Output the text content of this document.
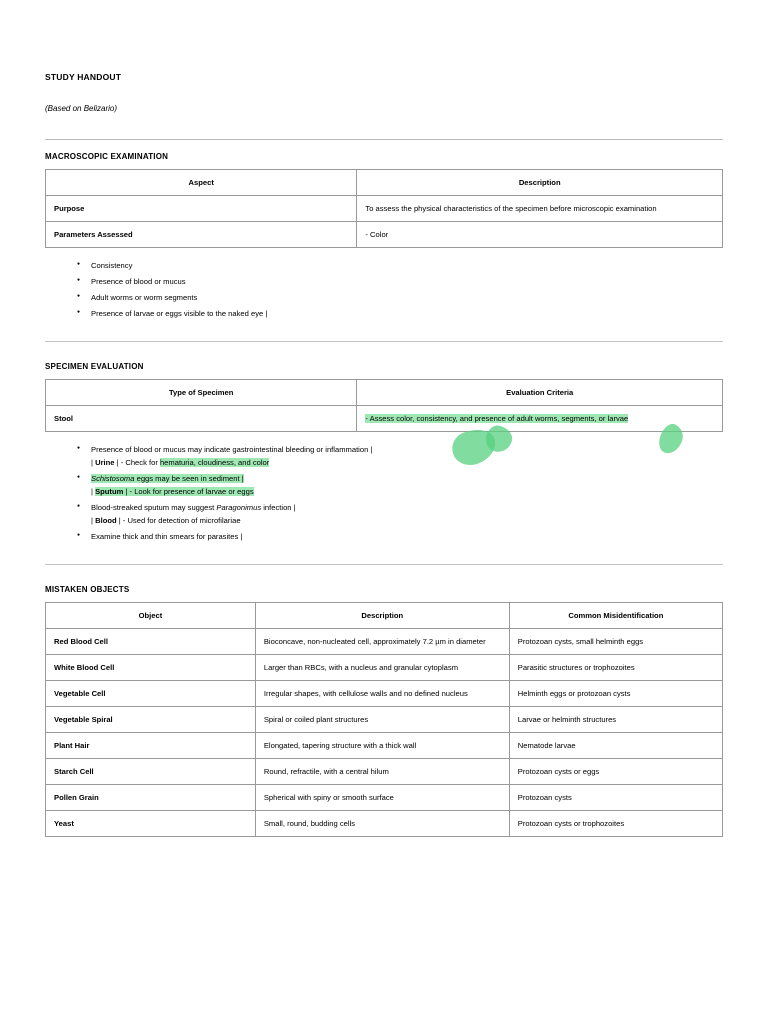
STUDY HANDOUT
(Based on Belizario)
MACROSCOPIC EXAMINATION
Aspect	Description
Purpose	To assess the physical characteristics of the specimen before microscopic examination
Parameters Assessed	- Color
● Consistency
● Presence of blood or mucus
● Adult worms or worm segments
● Presence of larvae or eggs visible to the naked eye |
SPECIMEN EVALUATION
Type of Specimen	Evaluation Criteria
Stool	- Assess color, consistency, and presence of adult worms, segments, or larvae
● Presence of blood or mucus may indicate gastrointestinal bleeding or inflammation |
| Urine | - Check for hematuria, cloudiness, and color
● Schistosoma eggs may be seen in sediment |
| Sputum | - Look for presence of larvae or eggs
● Blood-streaked sputum may suggest Paragonimus infection |
| Blood | - Used for detection of microfilariae
● Examine thick and thin smears for parasites |
MISTAKEN OBJECTS
Object	Description	Common Misidentification
Red Blood Cell	Bioconcave, non-nucleated cell, approximately 7.2 µm in diameter	Protozoan cysts, small helminth eggs
White Blood Cell	Larger than RBCs, with a nucleus and granular cytoplasm	Parasitic structures or trophozoites
Vegetable Cell	Irregular shapes, with cellulose walls and no defined nucleus	Helminth eggs or protozoan cysts
Vegetable Spiral	Spiral or coiled plant structures	Larvae or helminth structures
Plant Hair	Elongated, tapering structure with a thick wall	Nematode larvae
Starch Cell	Round, refractile, with a central hilum	Protozoan cysts or eggs
Pollen Grain	Spherical with spiny or smooth surface	Protozoan cysts
Yeast	Small, round, budding cells	Protozoan cysts or trophozoites
